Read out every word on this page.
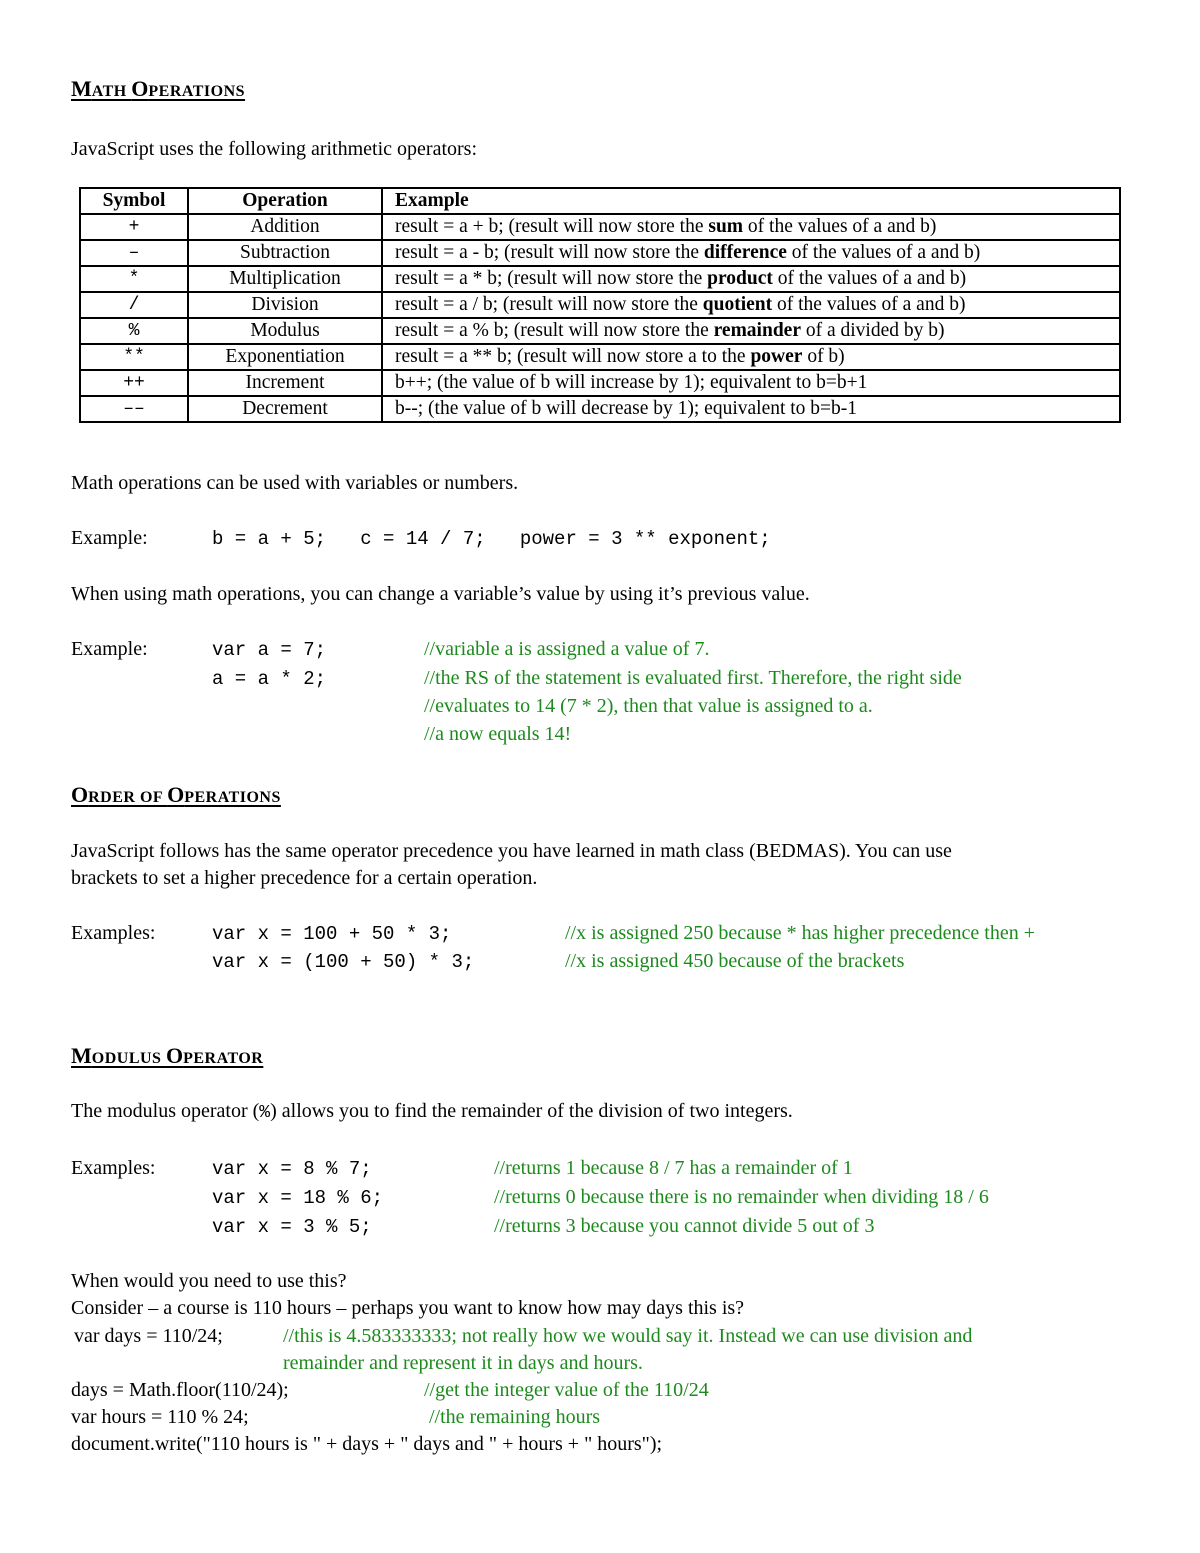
MATH OPERATIONS
JavaScript uses the following arithmetic operators:
Symbol	Operation	Example
+	Addition	result = a + b; (result will now store the sum of the values of a and b)
–	Subtraction	result = a - b; (result will now store the difference of the values of a and b)
*	Multiplication	result = a * b; (result will now store the product of the values of a and b)
/	Division	result = a / b; (result will now store the quotient of the values of a and b)
%	Modulus	result = a % b; (result will now store the remainder of a divided by b)
**	Exponentiation	result = a ** b; (result will now store a to the power of b)
++	Increment	b++; (the value of b will increase by 1); equivalent to b=b+1
––	Decrement	b--; (the value of b will decrease by 1); equivalent to b=b-1
Math operations can be used with variables or numbers.
Example:	b = a + 5;   c = 14 / 7;   power = 3 ** exponent;
When using math operations, you can change a variable’s value by using it’s previous value.
Example:	var a = 7;	//variable a is assigned a value of 7.
a = a * 2;	//the RS of the statement is evaluated first. Therefore, the right side
//evaluates to 14 (7 * 2), then that value is assigned to a.
//a now equals 14!
ORDER OF OPERATIONS
JavaScript follows has the same operator precedence you have learned in math class (BEDMAS). You can use
brackets to set a higher precedence for a certain operation.
Examples:	var x = 100 + 50 * 3;	//x is assigned 250 because * has higher precedence then +
var x = (100 + 50) * 3;	//x is assigned 450 because of the brackets
MODULUS OPERATOR
The modulus operator (%) allows you to find the remainder of the division of two integers.
Examples:	var x = 8 % 7;	//returns 1 because 8 / 7 has a remainder of 1
var x = 18 % 6;	//returns 0 because there is no remainder when dividing 18 / 6
var x = 3 % 5;	//returns 3 because you cannot divide 5 out of 3
When would you need to use this?
Consider – a course is 110 hours – perhaps you want to know how may days this is?
var days = 110/24;	//this is 4.583333333; not really how we would say it. Instead we can use division and
remainder and represent it in days and hours.
days = Math.floor(110/24);	//get the integer value of the 110/24
var hours = 110 % 24;	//the remaining hours
document.write("110 hours is " + days + " days and " + hours + " hours");
